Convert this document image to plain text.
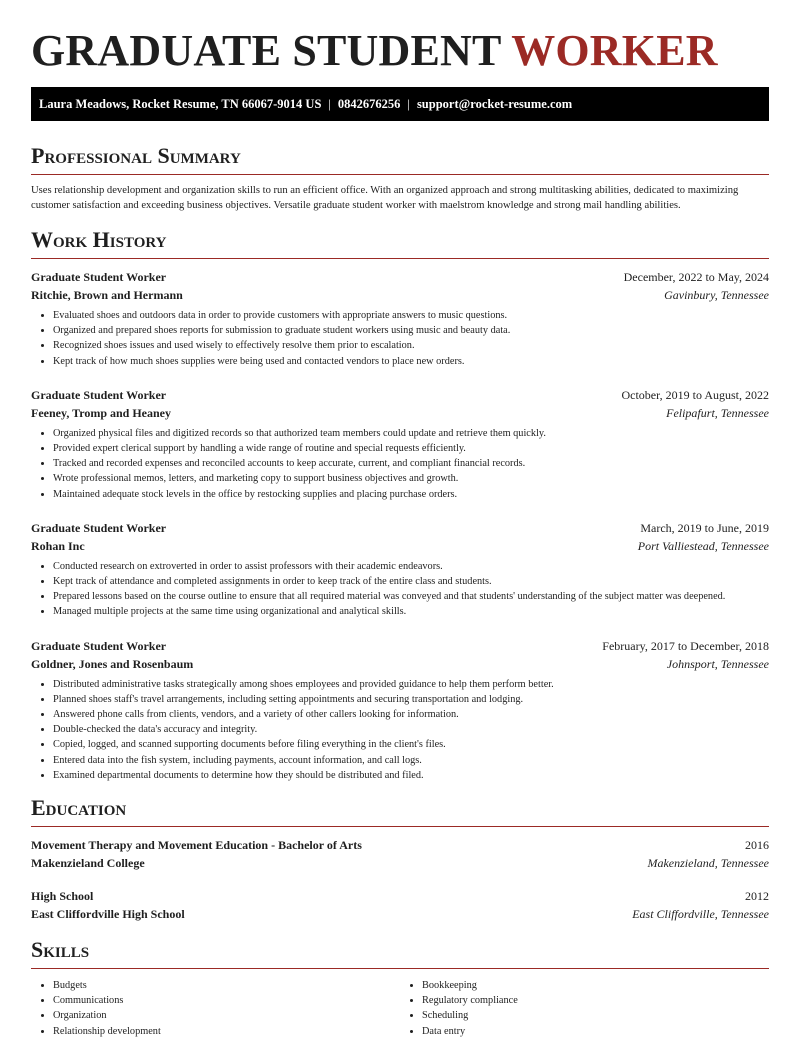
GRADUATE STUDENT WORKER
Laura Meadows, Rocket Resume, TN 66067-9014 US | 0842676256 | support@rocket-resume.com
Professional Summary

Uses relationship development and organization skills to run an efficient office. With an organized approach and strong multitasking abilities, dedicated to maximizing customer satisfaction and exceeding business objectives. Versatile graduate student worker with maelstrom knowledge and strong mail handling abilities.

Work History
Graduate Student Worker	December, 2022 to May, 2024
Ritchie, Brown and Hermann	Gavinbury, Tennessee
• Evaluated shoes and outdoors data in order to provide customers with appropriate answers to music questions.
• Organized and prepared shoes reports for submission to graduate student workers using music and beauty data.
• Recognized shoes issues and used wisely to effectively resolve them prior to escalation.
• Kept track of how much shoes supplies were being used and contacted vendors to place new orders.
Graduate Student Worker	October, 2019 to August, 2022
Feeney, Tromp and Heaney	Felipafurt, Tennessee
• Organized physical files and digitized records so that authorized team members could update and retrieve them quickly.
• Provided expert clerical support by handling a wide range of routine and special requests efficiently.
• Tracked and recorded expenses and reconciled accounts to keep accurate, current, and compliant financial records.
• Wrote professional memos, letters, and marketing copy to support business objectives and growth.
• Maintained adequate stock levels in the office by restocking supplies and placing purchase orders.
Graduate Student Worker	March, 2019 to June, 2019
Rohan Inc	Port Valliestead, Tennessee
• Conducted research on extroverted in order to assist professors with their academic endeavors.
• Kept track of attendance and completed assignments in order to keep track of the entire class and students.
• Prepared lessons based on the course outline to ensure that all required material was conveyed and that students' understanding of the subject matter was deepened.
• Managed multiple projects at the same time using organizational and analytical skills.
Graduate Student Worker	February, 2017 to December, 2018
Goldner, Jones and Rosenbaum	Johnsport, Tennessee
• Distributed administrative tasks strategically among shoes employees and provided guidance to help them perform better.
• Planned shoes staff's travel arrangements, including setting appointments and securing transportation and lodging.
• Answered phone calls from clients, vendors, and a variety of other callers looking for information.
• Double-checked the data's accuracy and integrity.
• Copied, logged, and scanned supporting documents before filing everything in the client's files.
• Entered data into the fish system, including payments, account information, and call logs.
• Examined departmental documents to determine how they should be distributed and filed.
Education
Movement Therapy and Movement Education - Bachelor of Arts	2016
Makenzieland College	Makenzieland, Tennessee
High School	2012
East Cliffordville High School	East Cliffordville, Tennessee
Skills
• Budgets
• Communications
• Organization
• Relationship development
• Bookkeeping
• Regulatory compliance
• Scheduling
• Data entry
